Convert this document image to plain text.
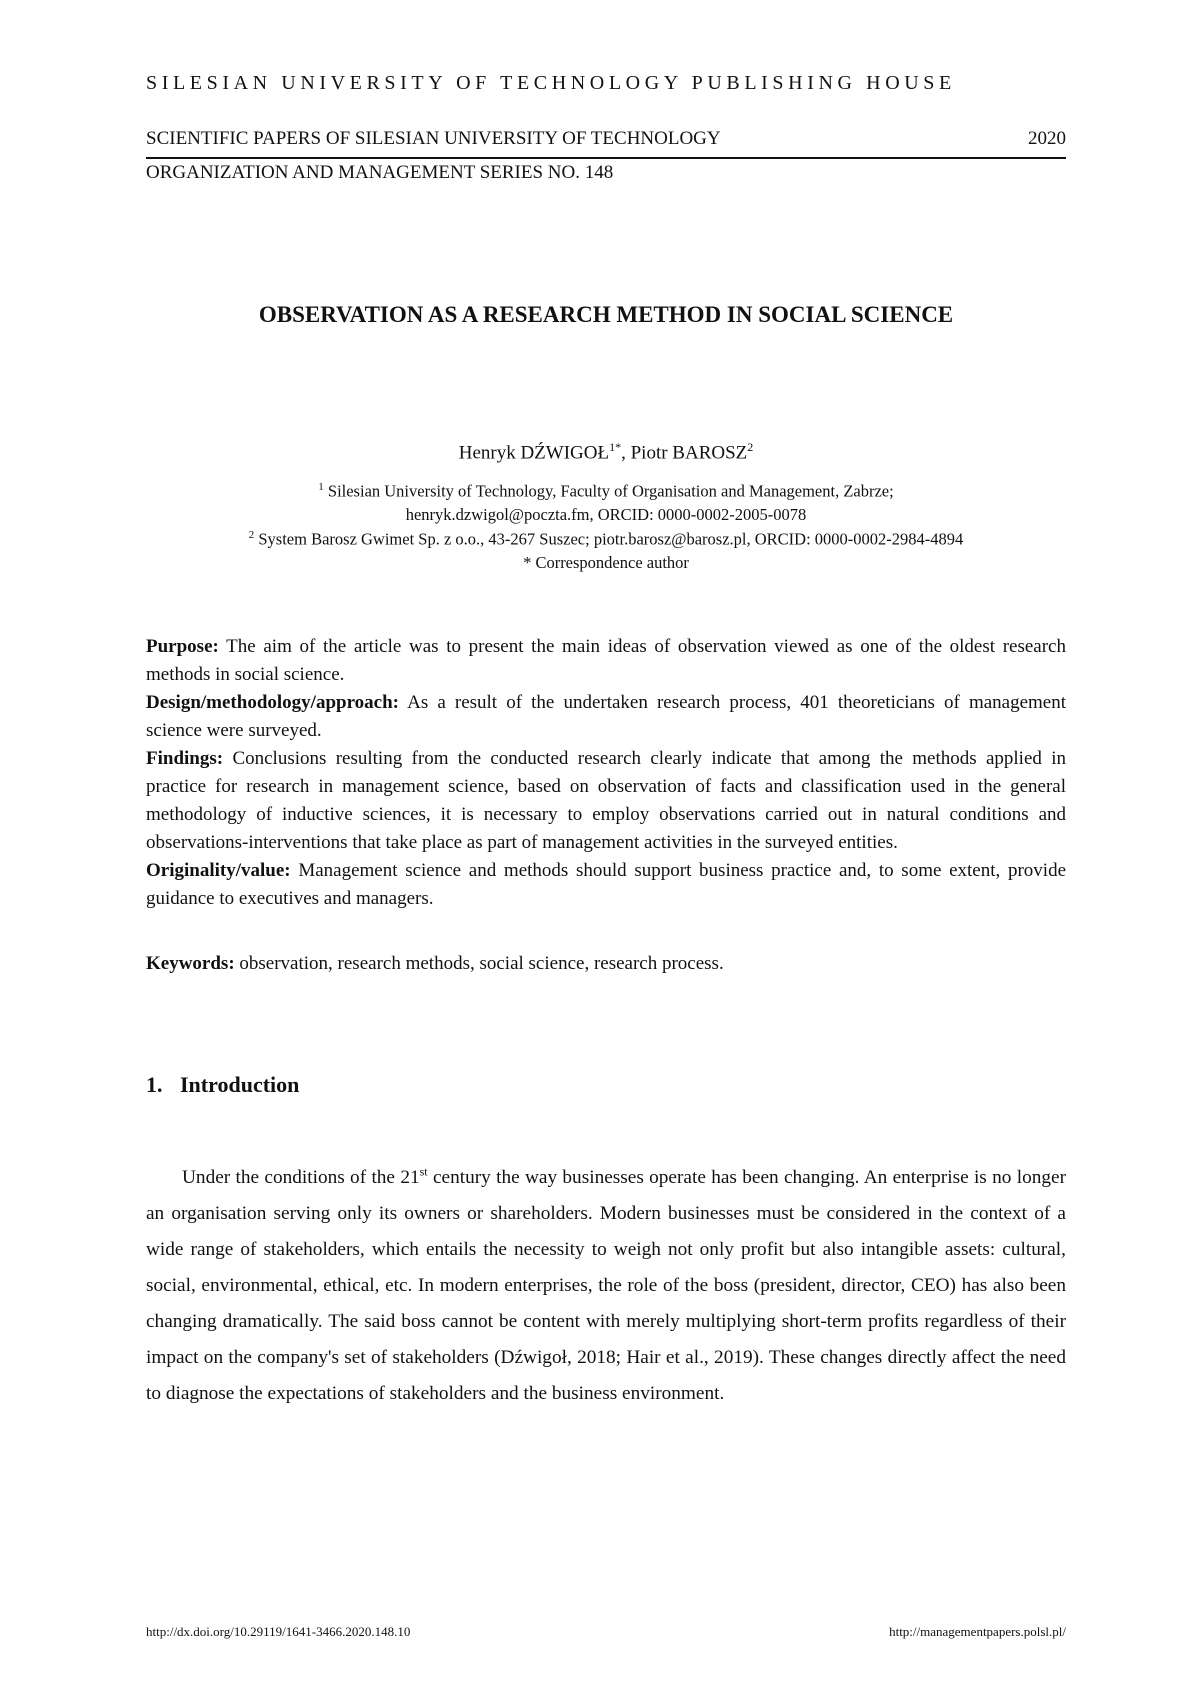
SILESIAN UNIVERSITY OF TECHNOLOGY PUBLISHING HOUSE
SCIENTIFIC PAPERS OF SILESIAN UNIVERSITY OF TECHNOLOGY	2020
ORGANIZATION AND MANAGEMENT SERIES NO. 148
OBSERVATION AS A RESEARCH METHOD IN SOCIAL SCIENCE
Henryk $DŹWIGOŁ^{1*}$, Piotr BAROSZ$^2$
$^1$ Silesian University of Technology, Faculty of Organisation and Management, Zabrze;
henryk.dzwigol@poczta.fm, ORCID: 0000-0002-2005-0078
$^2$ System Barosz Gwimet Sp. z o.o., 43-267 Suszec; piotr.barosz@barosz.pl, ORCID: 0000-0002-2984-4894
* Correspondence author

Purpose: The aim of the article was to present the main ideas of observation viewed as one of the oldest research methods in social science.

Design/methodology/approach: As a result of the undertaken research process, 401 theoreticians of management science were surveyed.

Findings: Conclusions resulting from the conducted research clearly indicate that among the methods applied in practice for research in management science, based on observation of facts and classification used in the general methodology of inductive sciences, it is necessary to employ observations carried out in natural conditions and observations-interventions that take place as part of management activities in the surveyed entities.

Originality/value: Management science and methods should support business practice and, to some extent, provide guidance to executives and managers.

Keywords: observation, research methods, social science, research process.
1. Introduction

Under the conditions of the 21st century the way businesses operate has been changing. An enterprise is no longer an organisation serving only its owners or shareholders. Modern businesses must be considered in the context of a wide range of stakeholders, which entails the necessity to weigh not only profit but also intangible assets: cultural, social, environmental, ethical, etc. In modern enterprises, the role of the boss (president, director, CEO) has also been changing dramatically. The said boss cannot be content with merely multiplying short-term profits regardless of their impact on the company's set of stakeholders (Dźwigoł, 2018; Hair et al., 2019). These changes directly affect the need to diagnose the expectations of stakeholders and the business environment.

http://dx.doi.org/10.29119/1641-3466.2020.148.10	http://managementpapers.polsl.pl/
